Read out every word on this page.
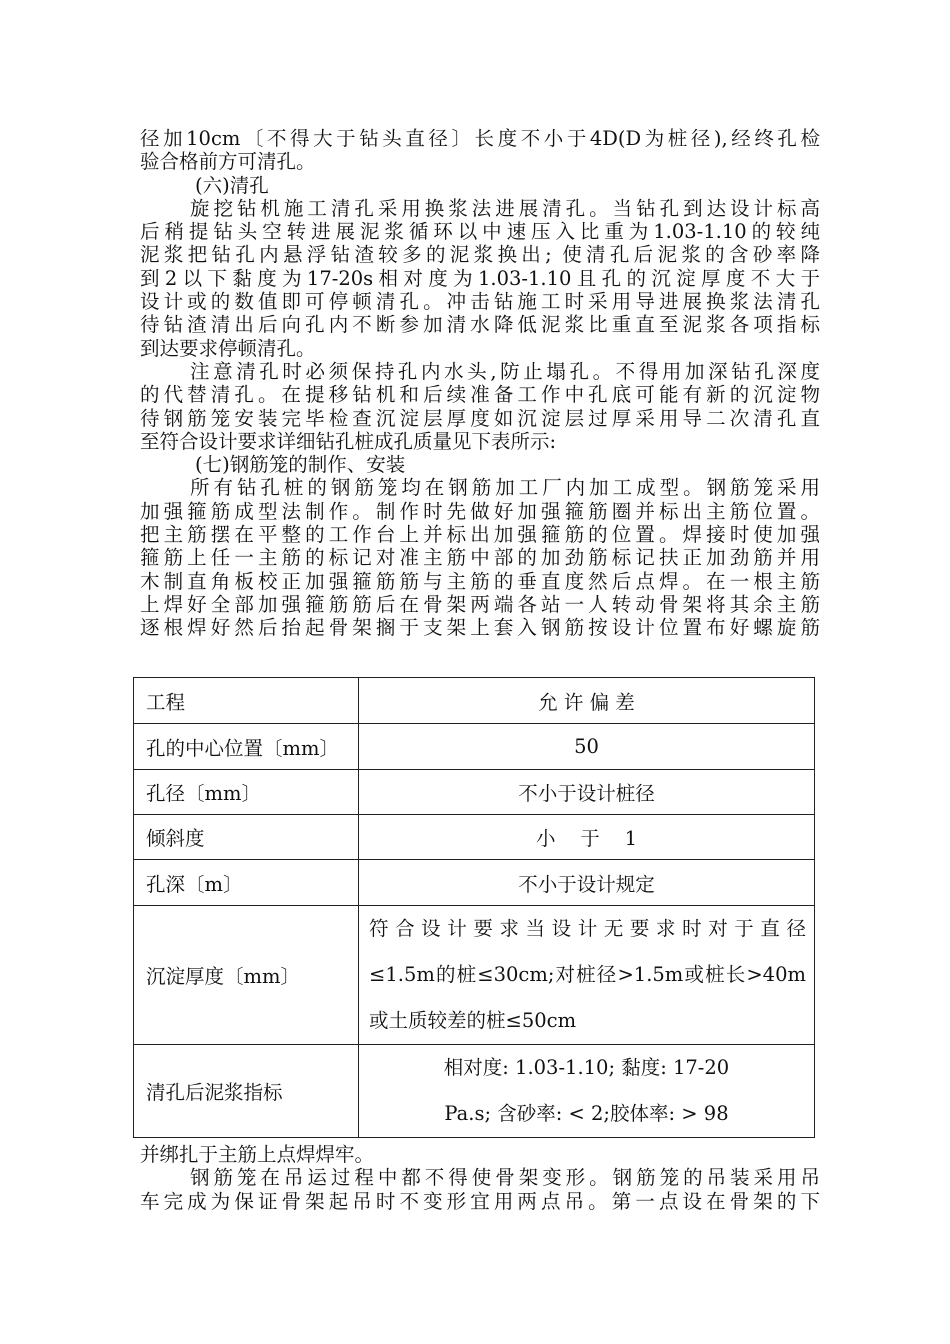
径加10cm〔不得大于钻头直径〕长度不小于4D(D为桩径),经终孔检

验合格前方可清孔。

(六)清孔

旋挖钻机施工清孔采用换浆法进展清孔。当钻孔到达设计标高

后稍提钻头空转进展泥浆循环以中速压入比重为1.03-1.10的较纯

泥浆把钻孔内悬浮钻渣较多的泥浆换出; 使清孔后泥浆的含砂率降

到2以下黏度为17-20s相对度为1.03-1.10且孔的沉淀厚度不大于

设计或的数值即可停顿清孔。冲击钻施工时采用导进展换浆法清孔

待钻渣清出后向孔内不断参加清水降低泥浆比重直至泥浆各项指标

到达要求停顿清孔。

注意清孔时必须保持孔内水头,防止塌孔。不得用加深钻孔深度

的代替清孔。在提移钻机和后续准备工作中孔底可能有新的沉淀物

待钢筋笼安装完毕检查沉淀层厚度如沉淀层过厚采用导二次清孔直

至符合设计要求详细钻孔桩成孔质量见下表所示:

(七)钢筋笼的制作、安装

所有钻孔桩的钢筋笼均在钢筋加工厂内加工成型。钢筋笼采用

加强箍筋成型法制作。制作时先做好加强箍筋圈并标出主筋位置。

把主筋摆在平整的工作台上并标出加强箍筋的位置。焊接时使加强

箍筋上任一主筋的标记对准主筋中部的加劲筋标记扶正加劲筋并用

木制直角板校正加强箍筋筋与主筋的垂直度然后点焊。在一根主筋

上焊好全部加强箍筋筋后在骨架两端各站一人转动骨架将其余主筋

逐根焊好然后抬起骨架搁于支架上套入钢筋按设计位置布好螺旋筋

工程	允 许 偏 差
孔的中心位置〔mm〕	50
孔径〔mm〕	不小于设计桩径
倾斜度	小    于    1
孔深〔m〕	不小于设计规定
沉淀厚度〔mm〕	符合设计要求当设计无要求时对于直径
≤1.5m的桩≤30cm;对桩径>1.5m或桩长>40m
或土质较差的桩≤50cm

清孔后泥浆指标	相对度: 1.03-1.10; 黏度: 17-20
Pa.s; 含砂率: < 2;胶体率: > 98

并绑扎于主筋上点焊焊牢。

钢筋笼在吊运过程中都不得使骨架变形。钢筋笼的吊装采用吊

车完成为保证骨架起吊时不变形宜用两点吊。第一点设在骨架的下
